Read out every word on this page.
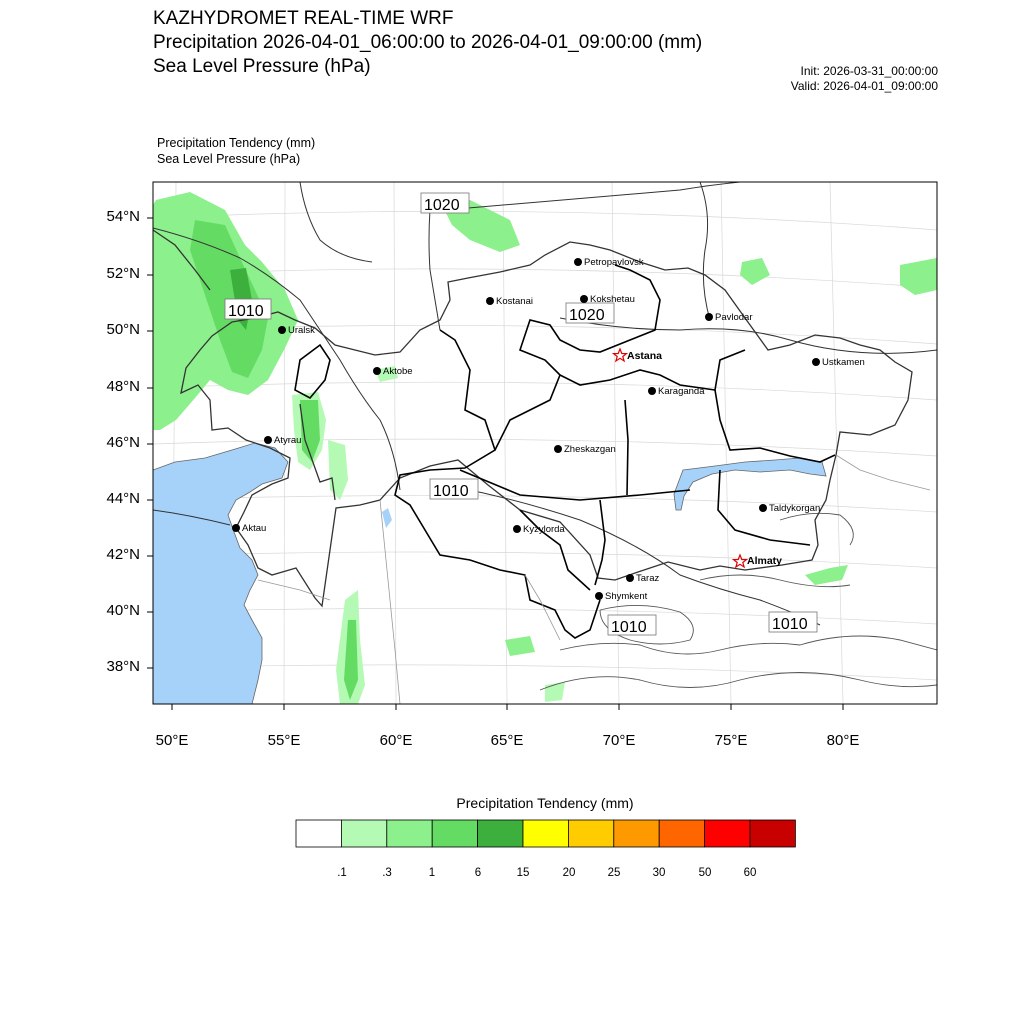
KAZHYDROMET REAL-TIME WRF
Precipitation 2026-04-01_06:00:00 to 2026-04-01_09:00:00 (mm)
Sea Level Pressure (hPa)	Init: 2026-03-31_00:00:00
Valid: 2026-04-01_09:00:00
Precipitation Tendency (mm)
Sea Level Pressure (hPa)
1020
1010	1020
1010
1010	1010
Petropavlovsk
Kostanai	Kokshetau
Pavlodar
Uralsk
Astana
Aktobe
Ustkamen
Karaganda
Atyrau
Zheskazgan
Taldykorgan
Aktau	Kyzylorda
Almaty
Taraz
Shymkent
54°N
52°N
50°N
48°N
46°N
44°N
42°N
40°N
38°N
50°E	55°E	60°E	65°E	70°E	75°E	80°E
Precipitation Tendency (mm)
.1	.3	1	6	15	20	25	30	50	60
